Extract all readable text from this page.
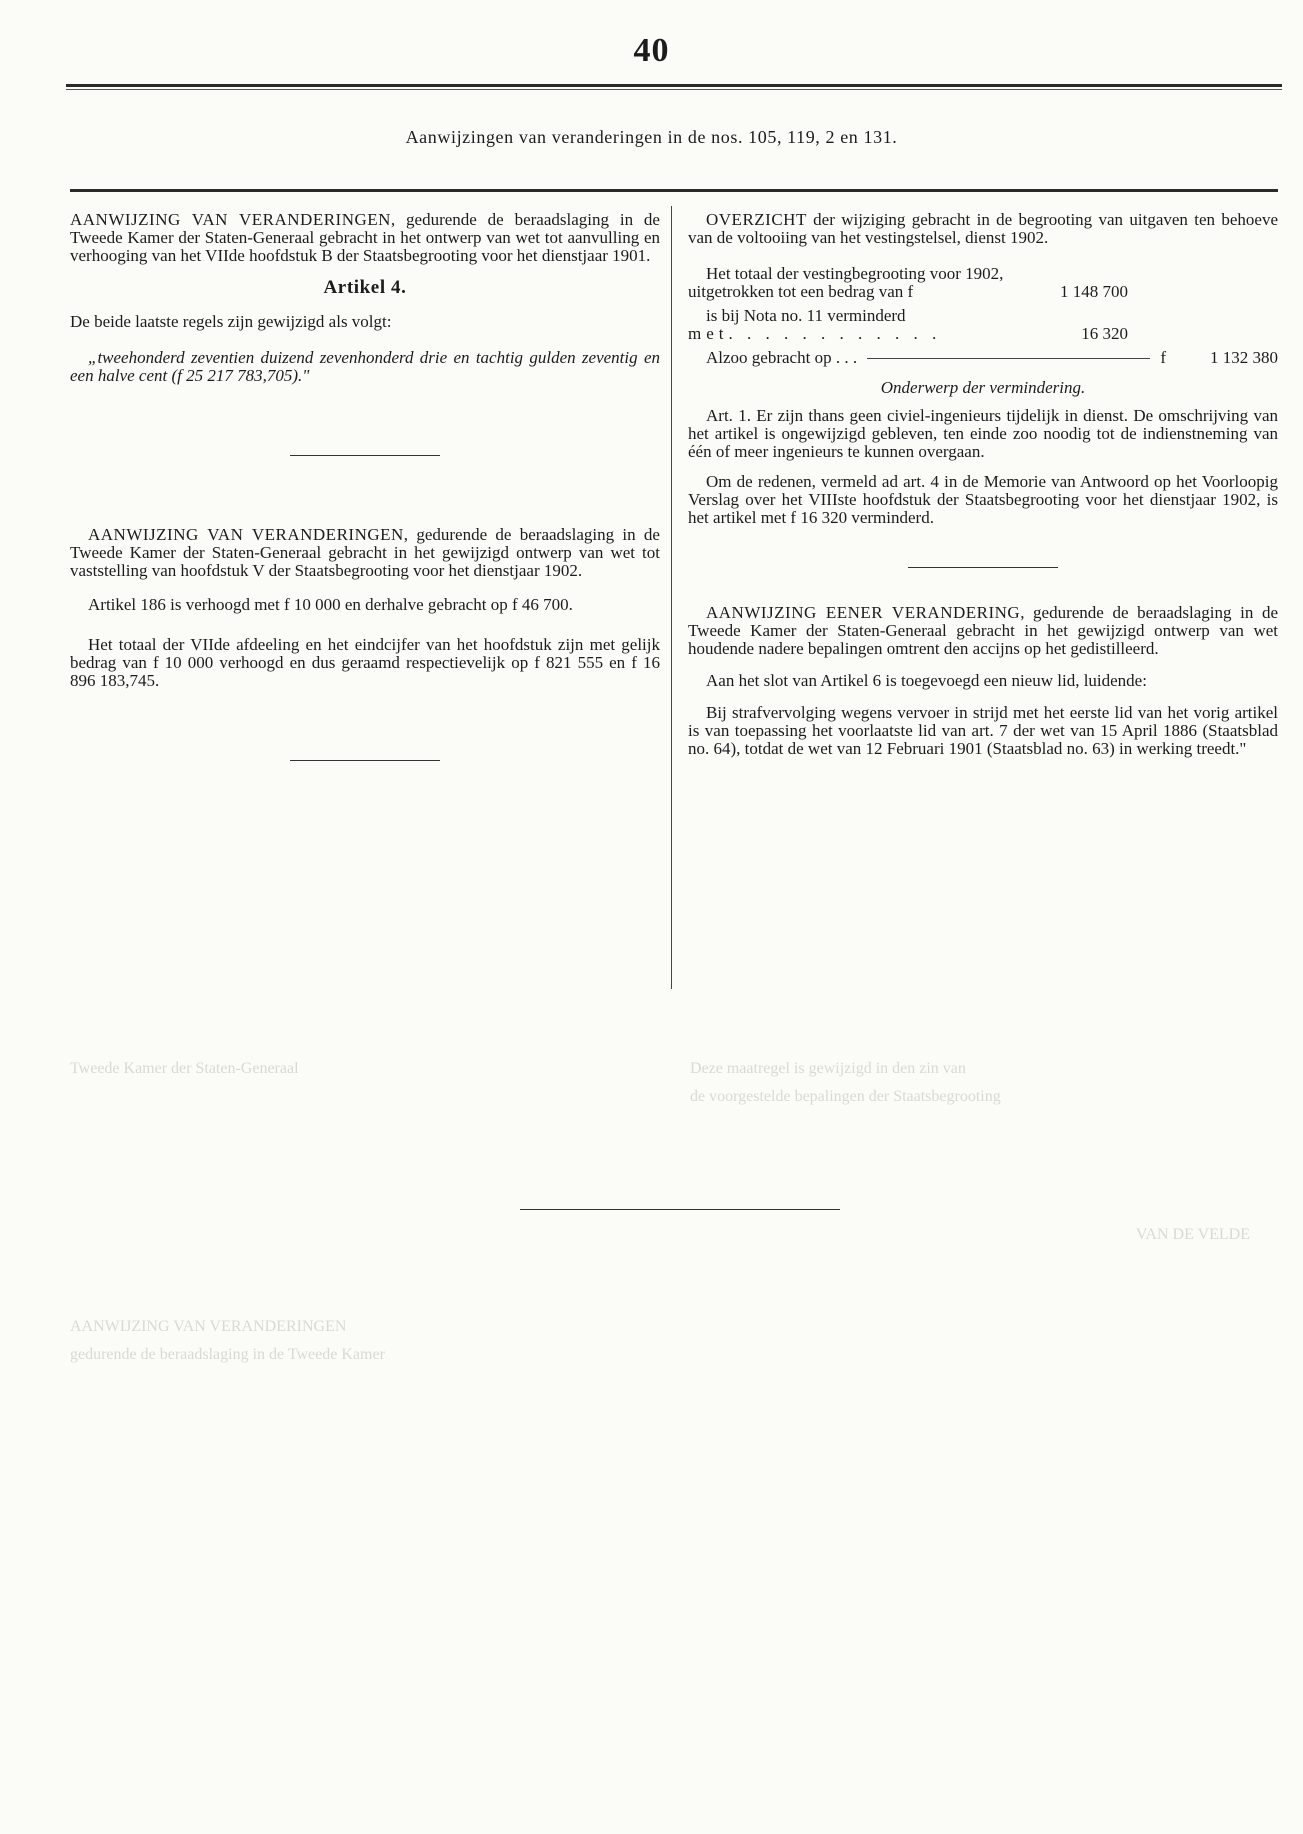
Deze maatregel is gewijzigd in den zin van
de voorgestelde bepalingen der Staatsbegrooting
VAN DE VELDE
Tweede Kamer der Staten-Generaal
AANWIJZING VAN VERANDERINGEN
gedurende de beraadslaging in de Tweede Kamer
40
Aanwijzingen van veranderingen in de nos. 105, 119, 2 en 131.

AANWIJZING VAN VERANDERINGEN, gedurende de beraadslaging in de Tweede Kamer der Staten-Generaal gebracht in het ontwerp van wet tot aanvulling en verhooging van het VIIde hoofdstuk B der Staatsbegrooting voor het dienstjaar 1901.

Artikel 4.

De beide laatste regels zijn gewijzigd als volgt:

„tweehonderd zeventien duizend zevenhonderd drie en tachtig gulden zeventig en een halve cent (f 25 217 783,705)."

AANWIJZING VAN VERANDERINGEN, gedurende de beraadslaging in de Tweede Kamer der Staten-Generaal gebracht in het gewijzigd ontwerp van wet tot vaststelling van hoofdstuk V der Staatsbegrooting voor het dienstjaar 1902.

Artikel 186 is verhoogd met f 10 000 en derhalve gebracht op f 46 700.

Het totaal der VIIde afdeeling en het eindcijfer van het hoofdstuk zijn met gelijk bedrag van f 10 000 verhoogd en dus geraamd respectievelijk op f 821 555 en f 16 896 183,745.

OVERZICHT der wijziging gebracht in de begrooting van uitgaven ten behoeve van de voltooiing van het vestingstelsel, dienst 1902.

Het totaal der vestingbegrooting voor 1902,
uitgetrokken tot een bedrag van f	1 148 700
is bij Nota no. 11 verminderd
met. . . . . . . . . . . .	16 320
Alzoo gebracht op . . .	f	1 132 380
Onderwerp der vermindering.

Art. 1. Er zijn thans geen civiel-ingenieurs tijdelijk in dienst. De omschrijving van het artikel is ongewijzigd gebleven, ten einde zoo noodig tot de indienstneming van één of meer ingenieurs te kunnen overgaan.

Om de redenen, vermeld ad art. 4 in de Memorie van Antwoord op het Voorloopig Verslag over het VIIIste hoofdstuk der Staatsbegrooting voor het dienstjaar 1902, is het artikel met f 16 320 verminderd.

AANWIJZING EENER VERANDERING, gedurende de beraadslaging in de Tweede Kamer der Staten-Generaal gebracht in het gewijzigd ontwerp van wet houdende nadere bepalingen omtrent den accijns op het gedistilleerd.

Aan het slot van Artikel 6 is toegevoegd een nieuw lid, luidende:

Bij strafvervolging wegens vervoer in strijd met het eerste lid van het vorig artikel is van toepassing het voorlaatste lid van art. 7 der wet van 15 April 1886 (Staatsblad no. 64), totdat de wet van 12 Februari 1901 (Staatsblad no. 63) in werking treedt."
